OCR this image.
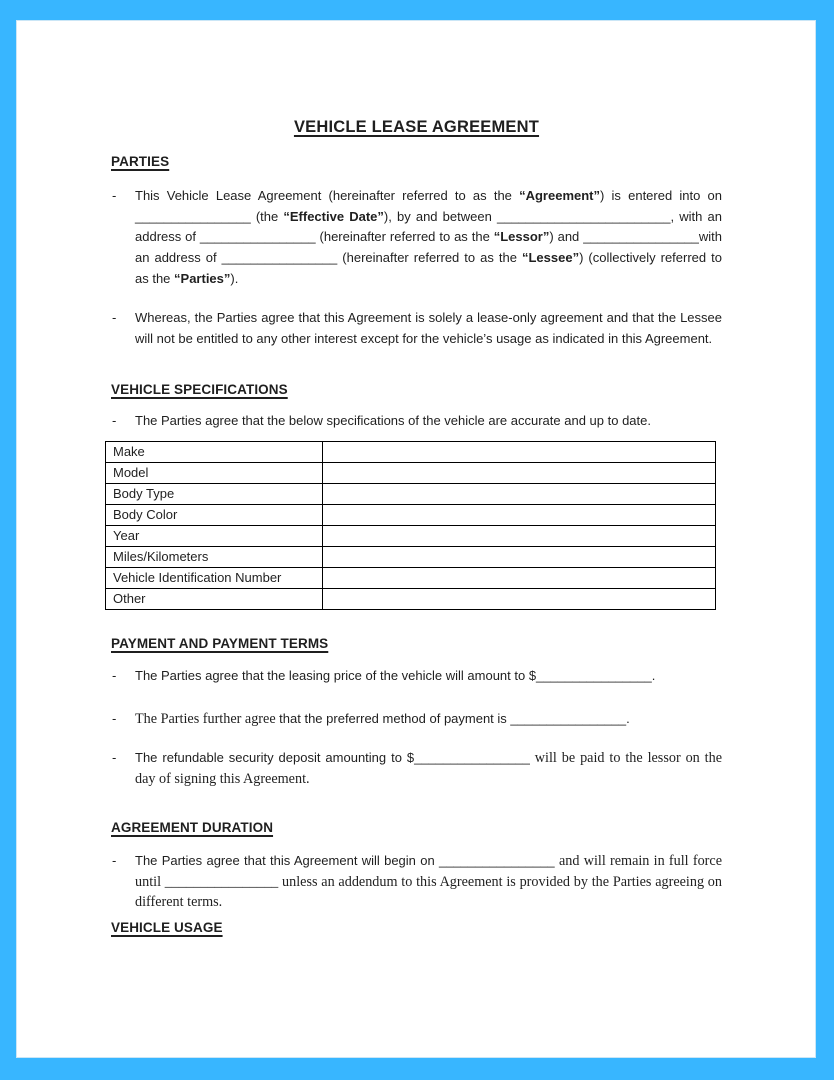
VEHICLE LEASE AGREEMENT
PARTIES
- This Vehicle Lease Agreement (hereinafter referred to as the “Agreement”) is entered into on ________________ (the “Effective Date”), by and between ________________________, with an address of ________________ (hereinafter referred to as the “Lessor”) and ________________with an address of ________________ (hereinafter referred to as the “Lessee”) (collectively referred to as the “Parties”).
- Whereas, the Parties agree that this Agreement is solely a lease-only agreement and that the Lessee will not be entitled to any other interest except for the vehicle’s usage as indicated in this Agreement.
VEHICLE SPECIFICATIONS
- The Parties agree that the below specifications of the vehicle are accurate and up to date.
Make	
Model	
Body Type	
Body Color	
Year	
Miles/Kilometers	
Vehicle Identification Number	
Other	
PAYMENT AND PAYMENT TERMS
- The Parties agree that the leasing price of the vehicle will amount to $________________.
- The Parties further agree that the preferred method of payment is ________________.
- The refundable security deposit amounting to $________________ will be paid to the lessor on the day of signing this Agreement.
AGREEMENT DURATION
- The Parties agree that this Agreement will begin on ________________ and will remain in full force until ________________ unless an addendum to this Agreement is provided by the Parties agreeing on different terms.
VEHICLE USAGE
